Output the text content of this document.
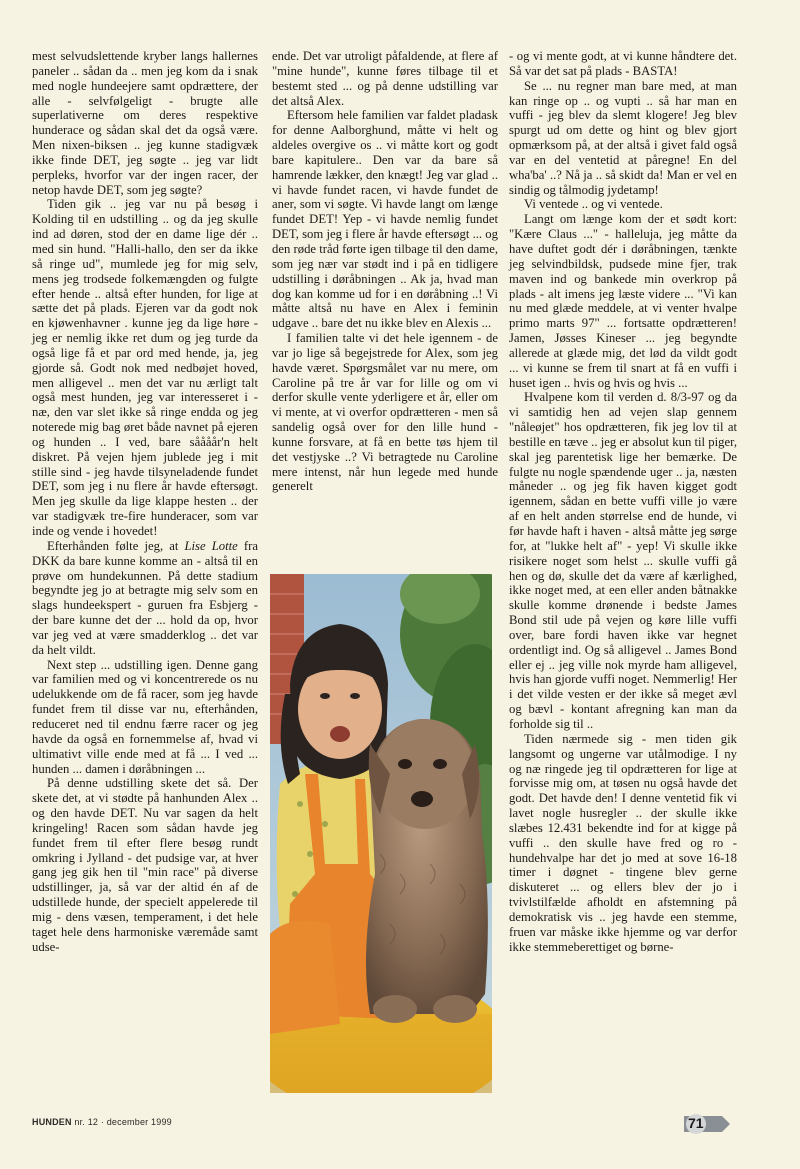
mest selvudslettende kryber langs hallernes paneler .. sådan da .. men jeg kom da i snak med nogle hundeejere samt opdrættere, der alle - selvfølgeligt - brugte alle superlativerne om deres respektive hunderace og sådan skal det da også være. Men nixen-biksen .. jeg kunne stadigvæk ikke finde DET, jeg søgte .. jeg var lidt perpleks, hvorfor var der ingen racer, der netop havde DET, som jeg søgte?

Tiden gik .. jeg var nu på besøg i Kolding til en udstilling .. og da jeg skulle ind ad døren, stod der en dame lige dér .. med sin hund. "Halli-hallo, den ser da ikke så ringe ud", mumlede jeg for mig selv, mens jeg trodsede folkemængden og fulgte efter hende .. altså efter hunden, for lige at sætte det på plads. Ejeren var da godt nok en kjøwenhavner . kunne jeg da lige høre - jeg er nemlig ikke ret dum og jeg turde da også lige få et par ord med hende, ja, jeg gjorde så. Godt nok med nedbøjet hoved, men alligevel .. men det var nu ærligt talt også mest hunden, jeg var interesseret i - næ, den var slet ikke så ringe endda og jeg noterede mig bag øret både navnet på ejeren og hunden .. I ved, bare såååår'n helt diskret. På vejen hjem jublede jeg i mit stille sind - jeg havde tilsyneladende fundet DET, som jeg i nu flere år havde eftersøgt. Men jeg skulle da lige klappe hesten .. der var stadigvæk tre-fire hunderacer, som var inde og vende i hovedet!

Efterhånden følte jeg, at Lise Lotte fra DKK da bare kunne komme an - altså til en prøve om hundekunnen. På dette stadium begyndte jeg jo at betragte mig selv som en slags hundeekspert - guruen fra Esbjerg - der bare kunne det der ... hold da op, hvor var jeg ved at være smadderklog .. det var da helt vildt.

Next step ... udstilling igen. Denne gang var familien med og vi koncentrerede os nu udelukkende om de få racer, som jeg havde fundet frem til disse var nu, efterhånden, reduceret ned til endnu færre racer og jeg havde da også en fornemmelse af, hvad vi ultimativt ville ende med at få ... I ved ... hunden ... damen i døråbningen ...

På denne udstilling skete det så. Der skete det, at vi stødte på hanhunden Alex .. og den havde DET. Nu var sagen da helt kringeling! Racen som sådan havde jeg fundet frem til efter flere besøg rundt omkring i Jylland - det pudsige var, at hver gang jeg gik hen til "min race" på diverse udstillinger, ja, så var der altid én af de udstillede hunde, der specielt appelerede til mig - dens væsen, temperament, i det hele taget hele dens harmoniske væremåde samt udse-

ende. Det var utroligt påfaldende, at flere af "mine hunde", kunne føres tilbage til et bestemt sted ... og på denne udstilling var det altså Alex.

Eftersom hele familien var faldet pladask for denne Aalborghund, måtte vi helt og aldeles overgive os .. vi måtte kort og godt bare kapitulere.. Den var da bare så hamrende lækker, den knægt! Jeg var glad .. vi havde fundet racen, vi havde fundet de aner, som vi søgte. Vi havde langt om længe fundet DET! Yep - vi havde nemlig fundet DET, som jeg i flere år havde eftersøgt ... og den røde tråd førte igen tilbage til den dame, som jeg nær var stødt ind i på en tidligere udstilling i døråbningen .. Ak ja, hvad man dog kan komme ud for i en døråbning ..! Vi måtte altså nu have en Alex i feminin udgave .. bare det nu ikke blev en Alexis ...

I familien talte vi det hele igennem - de var jo lige så begejstrede for Alex, som jeg havde været. Spørgsmålet var nu mere, om Caroline på tre år var for lille og om vi derfor skulle vente yderligere et år, eller om vi mente, at vi overfor opdrætteren - men så sandelig også over for den lille hund - kunne forsvare, at få en bette tøs hjem til det vestjyske ..? Vi betragtede nu Caroline mere intenst, når hun legede med hunde generelt

- og vi mente godt, at vi kunne håndtere det. Så var det sat på plads - BASTA!

Se ... nu regner man bare med, at man kan ringe op .. og vupti .. så har man en vuffi - jeg blev da slemt klogere! Jeg blev spurgt ud om dette og hint og blev gjort opmærksom på, at der altså i givet fald også var en del ventetid at påregne! En del wha'ba' ..? Nå ja .. så skidt da! Man er vel en sindig og tålmodig jydetamp!

Vi ventede .. og vi ventede.

Langt om længe kom der et sødt kort: "Kære Claus ..." - halleluja, jeg måtte da have duftet godt dér i døråbningen, tænkte jeg selvindbildsk, pudsede mine fjer, trak maven ind og bankede min overkrop på plads - alt imens jeg læste videre ... "Vi kan nu med glæde meddele, at vi venter hvalpe primo marts 97" ... fortsatte opdrætteren! Jamen, Jøsses Kineser ... jeg begyndte allerede at glæde mig, det lød da vildt godt ... vi kunne se frem til snart at få en vuffi i huset igen .. hvis og hvis og hvis ...

Hvalpene kom til verden d. 8/3-97 og da vi samtidig hen ad vejen slap gennem "nåleøjet" hos opdrætteren, fik jeg lov til at bestille en tæve .. jeg er absolut kun til piger, skal jeg parentetisk lige her bemærke. De fulgte nu nogle spændende uger .. ja, næsten måneder .. og jeg fik haven kigget godt igennem, sådan en bette vuffi ville jo være af en helt anden størrelse end de hunde, vi før havde haft i haven - altså måtte jeg sørge for, at "lukke helt af" - yep! Vi skulle ikke risikere noget som helst ... skulle vuffi gå hen og dø, skulle det da være af kærlighed, ikke noget med, at een eller anden båtnakke skulle komme drønende i bedste James Bond stil ude på vejen og køre lille vuffi over, bare fordi haven ikke var hegnet ordentligt ind. Og så alligevel .. James Bond eller ej .. jeg ville nok myrde ham alligevel, hvis han gjorde vuffi noget. Nemmerlig! Her i det vilde vesten er der ikke så meget ævl og bævl - kontant afregning kan man da forholde sig til ..

Tiden nærmede sig - men tiden gik langsomt og ungerne var utålmodige. I ny og næ ringede jeg til opdrætteren for lige at forvisse mig om, at tøsen nu også havde det godt. Det havde den! I denne ventetid fik vi lavet nogle husregler .. der skulle ikke slæbes 12.431 bekendte ind for at kigge på vuffi .. den skulle have fred og ro - hundehvalpe har det jo med at sove 16-18 timer i døgnet - tingene blev gerne diskuteret ... og ellers blev der jo i tvivlstilfælde afholdt en afstemning på demokratisk vis .. jeg havde een stemme, fruen var måske ikke hjemme og var derfor ikke stemmeberettiget og børne-

HUNDEN nr. 12 · december 1999	71
